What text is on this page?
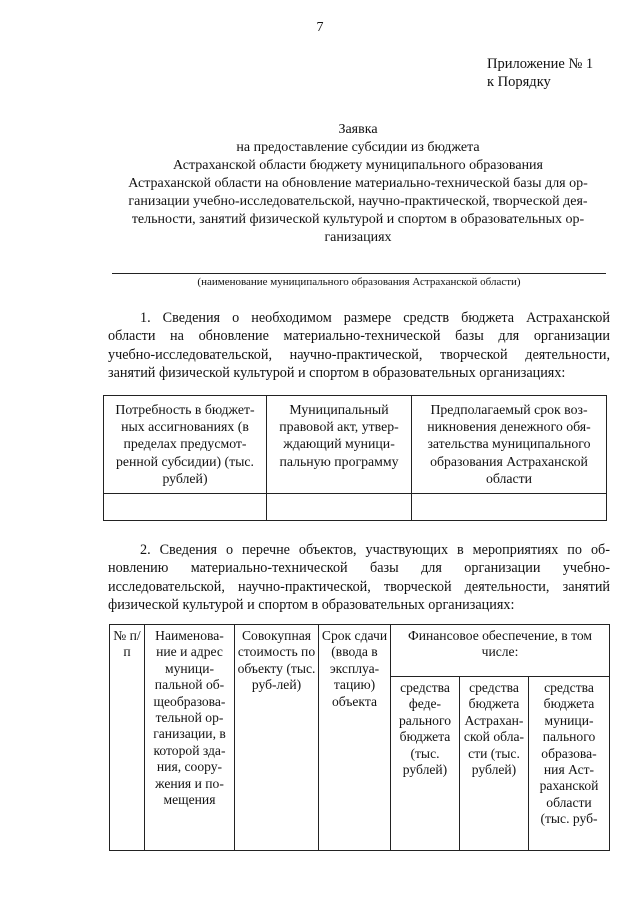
7
Приложение № 1
к Порядку
Заявка
на предоставление субсидии из бюджета
Астраханской области бюджету муниципального образования
Астраханской области на обновление материально-технической базы для ор-
ганизации учебно-исследовательской, научно-практической, творческой дея-
тельности, занятий физической культурой и спортом в образовательных ор-
ганизациях
(наименование муниципального образования Астраханской области)
1. Сведения о необходимом размере средств бюджета Астраханской
области на обновление материально-технической базы для организации
учебно-исследовательской, научно-практической, творческой деятельности,
занятий физической культурой и спортом в образовательных организациях:
Потребность в бюджет-ных ассигнованиях (в пределах предусмот-ренной субсидии) (тыс. рублей)	Муниципальный правовой акт, утвер-ждающий муници-пальную программу	Предполагаемый срок воз-никновения денежного обя-зательства муниципального образования Астраханской области

2. Сведения о перечне объектов, участвующих в мероприятиях по об-
новлению материально-технической базы для организации учебно-
исследовательской, научно-практической, творческой деятельности, занятий
физической культурой и спортом в образовательных организациях:
№ п/п	Наименова-ние и адрес муници-пальной об-щеобразова-тельной ор-ганизации, в которой зда-ния, соору-жения и по-мещения	Совокупная стоимость по объекту (тыс. руб-лей)	Срок сдачи (ввода в эксплуа-тацию) объекта	Финансовое обеспечение, в том числе:		
				средства феде-рального бюджета (тыс. рублей)	средства бюджета Астрахан-ской обла-сти (тыс. рублей)	средства бюджета муници-пального образова-ния Аст-раханской области (тыс. руб-
